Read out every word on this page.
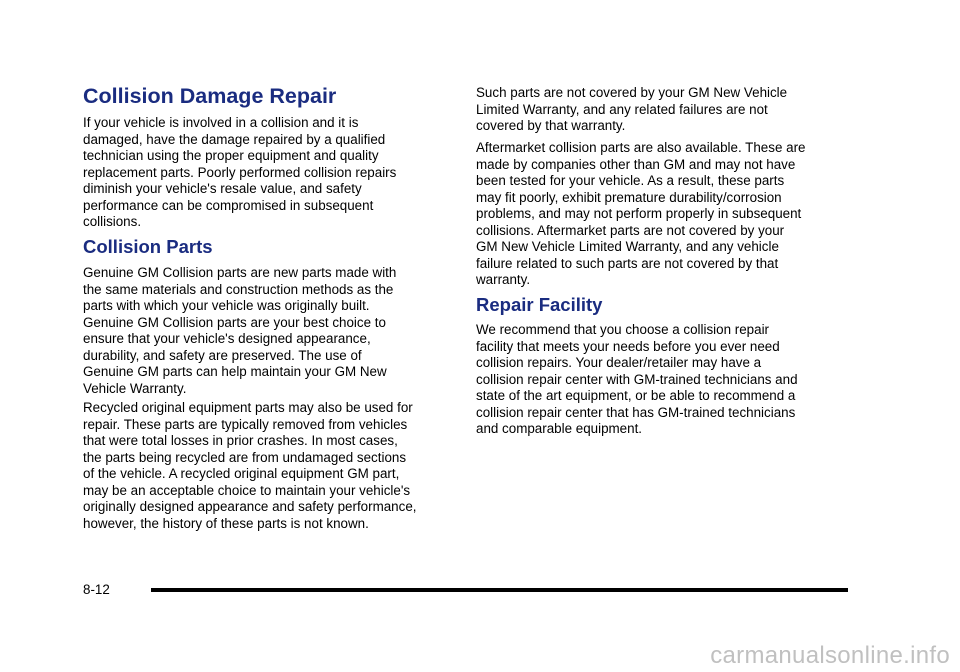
Collision Damage Repair

If your vehicle is involved in a collision and it is
damaged, have the damage repaired by a qualified
technician using the proper equipment and quality
replacement parts. Poorly performed collision repairs
diminish your vehicle's resale value, and safety
performance can be compromised in subsequent
collisions.

Collision Parts

Genuine GM Collision parts are new parts made with
the same materials and construction methods as the
parts with which your vehicle was originally built.
Genuine GM Collision parts are your best choice to
ensure that your vehicle's designed appearance,
durability, and safety are preserved. The use of
Genuine GM parts can help maintain your GM New
Vehicle Warranty.

Recycled original equipment parts may also be used for
repair. These parts are typically removed from vehicles
that were total losses in prior crashes. In most cases,
the parts being recycled are from undamaged sections
of the vehicle. A recycled original equipment GM part,
may be an acceptable choice to maintain your vehicle's
originally designed appearance and safety performance,
however, the history of these parts is not known.

Such parts are not covered by your GM New Vehicle
Limited Warranty, and any related failures are not
covered by that warranty.

Aftermarket collision parts are also available. These are
made by companies other than GM and may not have
been tested for your vehicle. As a result, these parts
may fit poorly, exhibit premature durability/corrosion
problems, and may not perform properly in subsequent
collisions. Aftermarket parts are not covered by your
GM New Vehicle Limited Warranty, and any vehicle
failure related to such parts are not covered by that
warranty.

Repair Facility

We recommend that you choose a collision repair
facility that meets your needs before you ever need
collision repairs. Your dealer/retailer may have a
collision repair center with GM-trained technicians and
state of the art equipment, or be able to recommend a
collision repair center that has GM-trained technicians
and comparable equipment.

8-12

carmanualsonline.info
